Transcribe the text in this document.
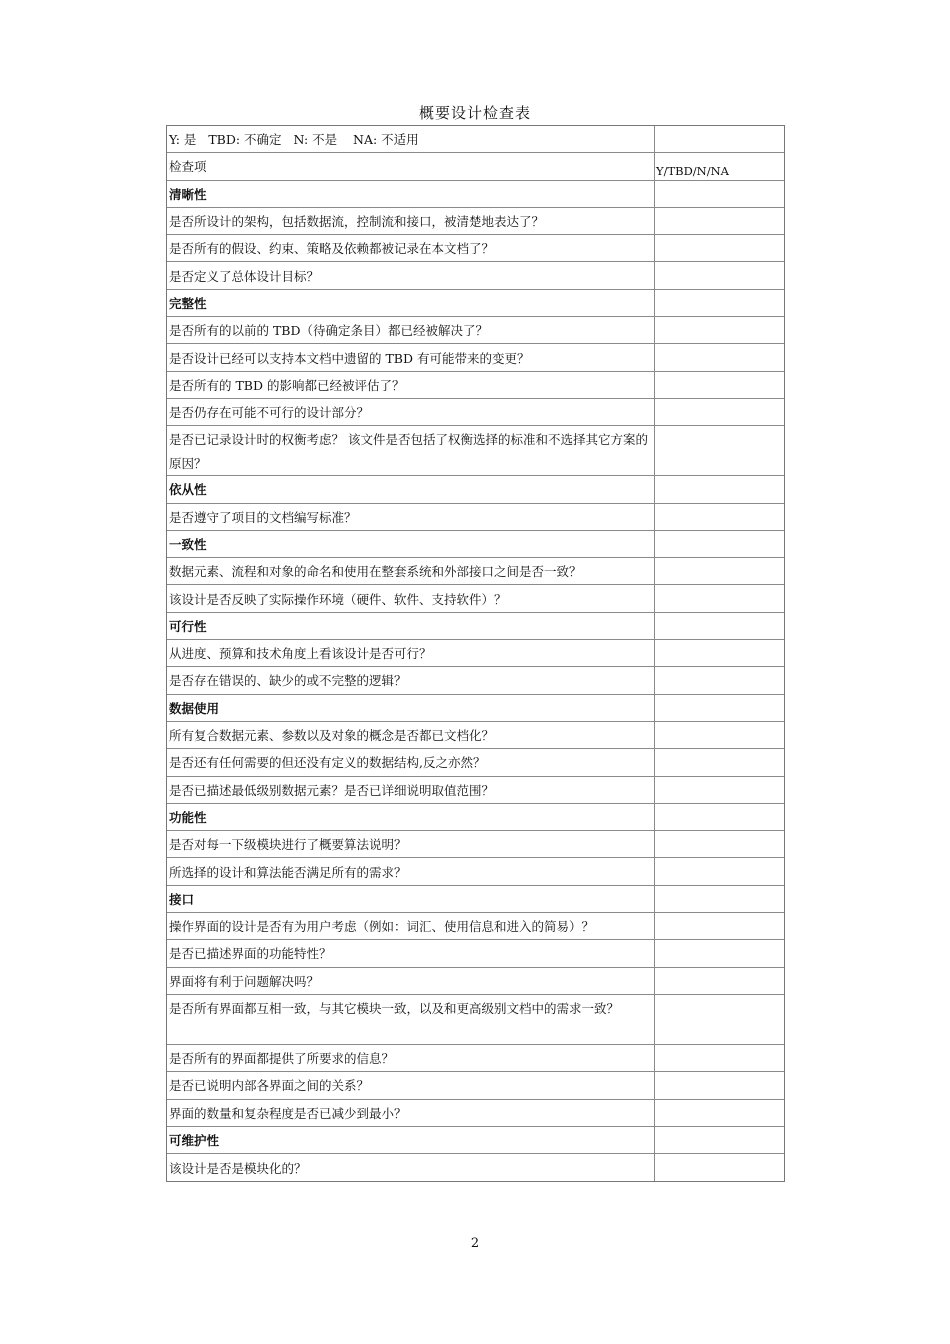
概要设计检查表
Y: 是   TBD: 不确定   N: 不是    NA: 不适用
检查项	Y/TBD/N/NA
清晰性
是否所设计的架构，包括数据流，控制流和接口，被清楚地表达了？
是否所有的假设、约束、策略及依赖都被记录在本文档了？
是否定义了总体设计目标？
完整性
是否所有的以前的 TBD（待确定条目）都已经被解决了？
是否设计已经可以支持本文档中遗留的 TBD 有可能带来的变更？
是否所有的 TBD 的影响都已经被评估了？
是否仍存在可能不可行的设计部分？
是否已记录设计时的权衡考虑？ 该文件是否包括了权衡选择的标准和不选择其它方案的原因？
依从性
是否遵守了项目的文档编写标准？
一致性
数据元素、流程和对象的命名和使用在整套系统和外部接口之间是否一致？
该设计是否反映了实际操作环境（硬件、软件、支持软件）？
可行性
从进度、预算和技术角度上看该设计是否可行？
是否存在错误的、缺少的或不完整的逻辑？
数据使用
所有复合数据元素、参数以及对象的概念是否都已文档化？
是否还有任何需要的但还没有定义的数据结构,反之亦然？
是否已描述最低级别数据元素？是否已详细说明取值范围？
功能性
是否对每一下级模块进行了概要算法说明？
所选择的设计和算法能否满足所有的需求？
接口
操作界面的设计是否有为用户考虑（例如：词汇、使用信息和进入的简易）？
是否已描述界面的功能特性？
界面将有利于问题解决吗？
是否所有界面都互相一致，与其它模块一致，以及和更高级别文档中的需求一致？
是否所有的界面都提供了所要求的信息？
是否已说明内部各界面之间的关系？
界面的数量和复杂程度是否已减少到最小？
可维护性
该设计是否是模块化的？
2
